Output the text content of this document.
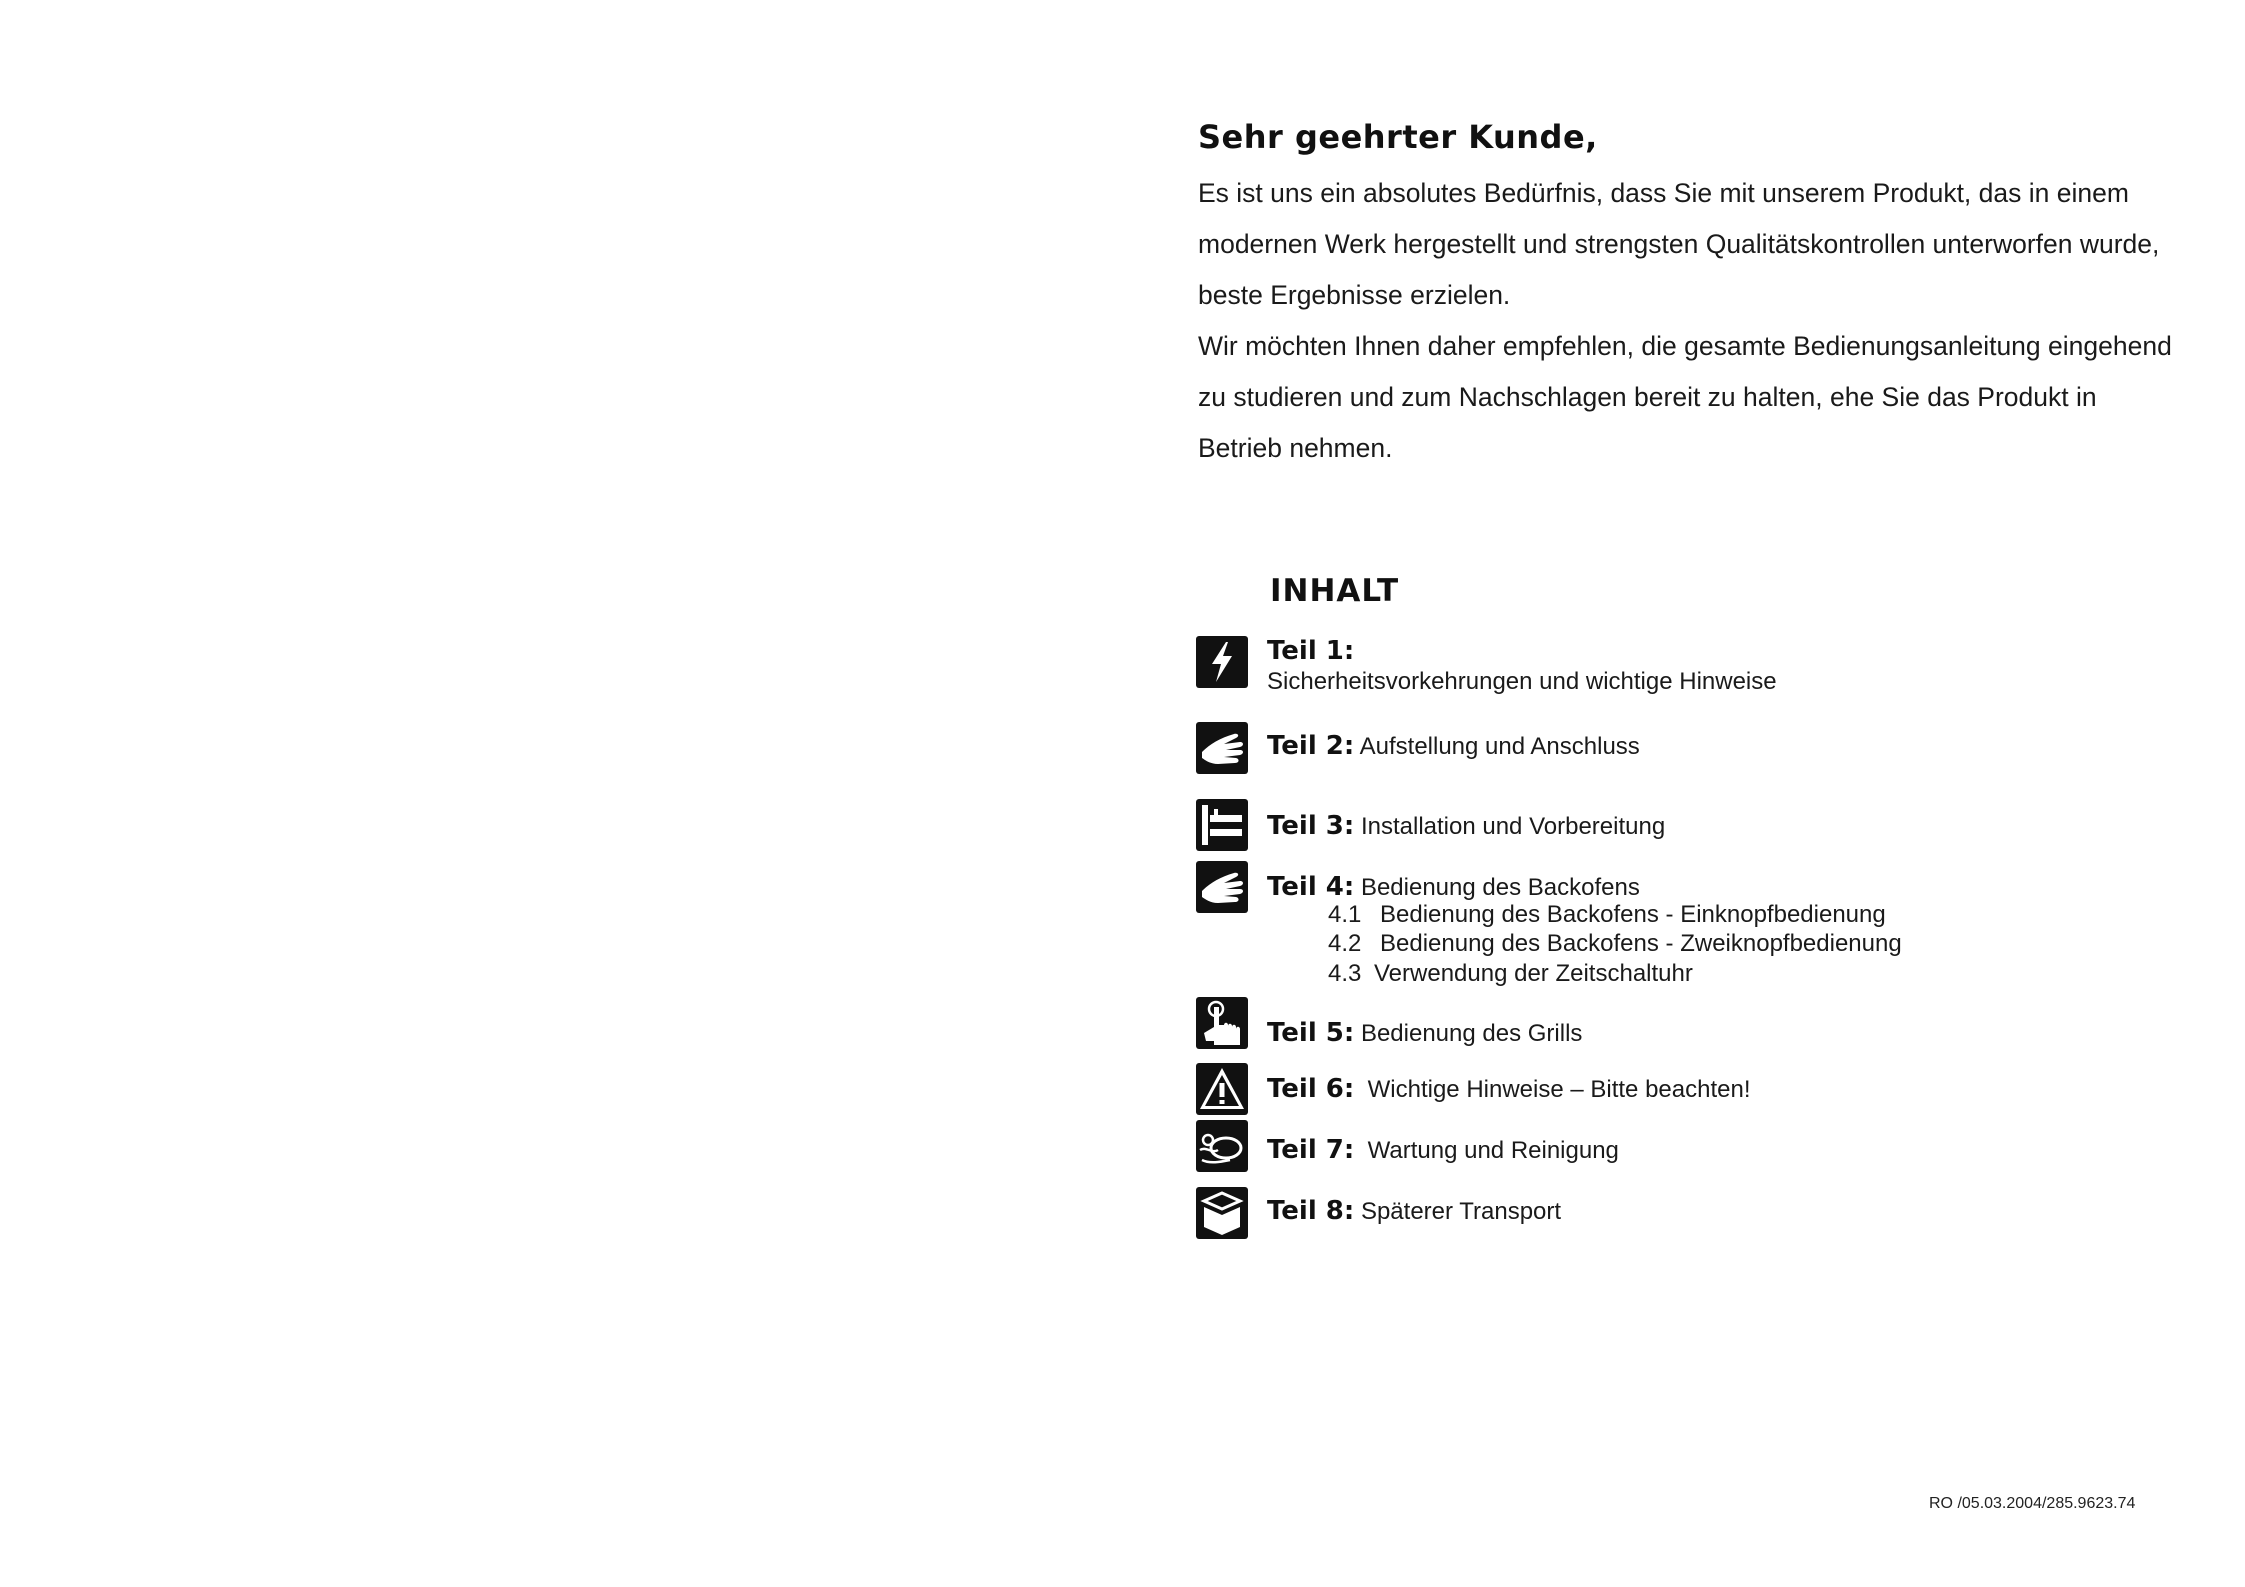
Sehr geehrter Kunde,

Es ist uns ein absolutes Bedürfnis, dass Sie mit unserem Produkt, das in einem modernen Werk hergestellt und strengsten Qualitätskontrollen unterworfen wurde, beste Ergebnisse erzielen.

Wir möchten Ihnen daher empfehlen, die gesamte Bedienungsanleitung eingehend zu studieren und zum Nachschlagen bereit zu halten, ehe Sie das Produkt in Betrieb nehmen.

INHALT
Teil 1:
Sicherheitsvorkehrungen und wichtige Hinweise
Teil 2: Aufstellung und Anschluss
Teil 3: Installation und Vorbereitung
Teil 4: Bedienung des Backofens
4.1 Bedienung des Backofens - Einknopfbedienung
4.2 Bedienung des Backofens - Zweiknopfbedienung
4.3 Verwendung der Zeitschaltuhr
Teil 5: Bedienung des Grills
Teil 6: Wichtige Hinweise – Bitte beachten!
Teil 7: Wartung und Reinigung
Teil 8: Späterer Transport
RO /05.03.2004/285.9623.74
